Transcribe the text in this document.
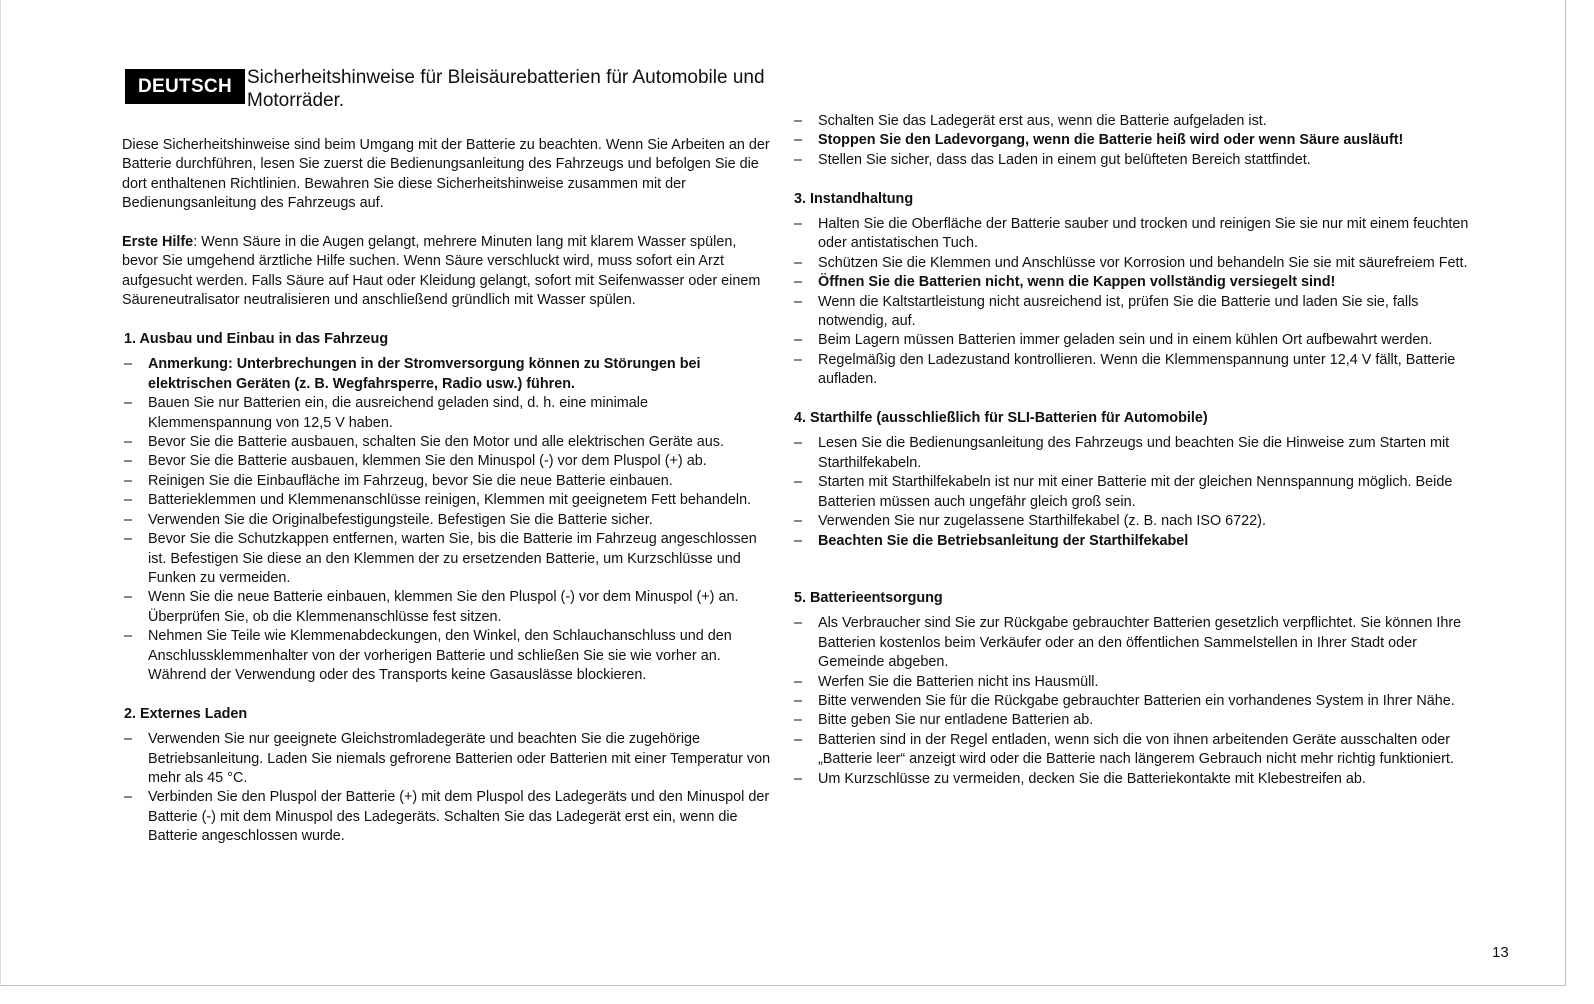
DEUTSCH Sicherheitshinweise für Bleisäurebatterien für Automobile und
Motorräder.

Diese Sicherheitshinweise sind beim Umgang mit der Batterie zu beachten. Wenn Sie Arbeiten an der Batterie durchführen, lesen Sie zuerst die Bedienungsanleitung des Fahrzeugs und befolgen Sie die dort enthaltenen Richtlinien. Bewahren Sie diese Sicherheitshinweise zusammen mit der Bedienungsanleitung des Fahrzeugs auf.

Erste Hilfe: Wenn Säure in die Augen gelangt, mehrere Minuten lang mit klarem Wasser spülen, bevor Sie umgehend ärztliche Hilfe suchen. Wenn Säure verschluckt wird, muss sofort ein Arzt aufgesucht werden. Falls Säure auf Haut oder Kleidung gelangt, sofort mit Seifenwasser oder einem Säureneutralisator neutralisieren und anschließend gründlich mit Wasser spülen.

1. Ausbau und Einbau in das Fahrzeug

– Anmerkung: Unterbrechungen in der Stromversorgung können zu Störungen bei elektrischen Geräten (z. B. Wegfahrsperre, Radio usw.) führen.
– Bauen Sie nur Batterien ein, die ausreichend geladen sind, d. h. eine minimale Klemmenspannung von 12,5 V haben.
– Bevor Sie die Batterie ausbauen, schalten Sie den Motor und alle elektrischen Geräte aus.
– Bevor Sie die Batterie ausbauen, klemmen Sie den Minuspol (-) vor dem Pluspol (+) ab.
– Reinigen Sie die Einbaufläche im Fahrzeug, bevor Sie die neue Batterie einbauen.
– Batterieklemmen und Klemmenanschlüsse reinigen, Klemmen mit geeignetem Fett behandeln.
– Verwenden Sie die Originalbefestigungsteile. Befestigen Sie die Batterie sicher.
– Bevor Sie die Schutzkappen entfernen, warten Sie, bis die Batterie im Fahrzeug angeschlossen ist. Befestigen Sie diese an den Klemmen der zu ersetzenden Batterie, um Kurzschlüsse und Funken zu vermeiden.
– Wenn Sie die neue Batterie einbauen, klemmen Sie den Pluspol (-) vor dem Minuspol (+) an. Überprüfen Sie, ob die Klemmenanschlüsse fest sitzen.
– Nehmen Sie Teile wie Klemmenabdeckungen, den Winkel, den Schlauchanschluss und den Anschlussklemmenhalter von der vorherigen Batterie und schließen Sie sie wie vorher an. Während der Verwendung oder des Transports keine Gasauslässe blockieren.

2. Externes Laden

– Verwenden Sie nur geeignete Gleichstromladegeräte und beachten Sie die zugehörige Betriebsanleitung. Laden Sie niemals gefrorene Batterien oder Batterien mit einer Temperatur von mehr als 45 °C.
– Verbinden Sie den Pluspol der Batterie (+) mit dem Pluspol des Ladegeräts und den Minuspol der Batterie (-) mit dem Minuspol des Ladegeräts. Schalten Sie das Ladegerät erst ein, wenn die Batterie angeschlossen wurde.
– Schalten Sie das Ladegerät erst aus, wenn die Batterie aufgeladen ist.
– Stoppen Sie den Ladevorgang, wenn die Batterie heiß wird oder wenn Säure ausläuft!
– Stellen Sie sicher, dass das Laden in einem gut belüfteten Bereich stattfindet.

3. Instandhaltung

– Halten Sie die Oberfläche der Batterie sauber und trocken und reinigen Sie sie nur mit einem feuchten oder antistatischen Tuch.
– Schützen Sie die Klemmen und Anschlüsse vor Korrosion und behandeln Sie sie mit säurefreiem Fett.
– Öffnen Sie die Batterien nicht, wenn die Kappen vollständig versiegelt sind!
– Wenn die Kaltstartleistung nicht ausreichend ist, prüfen Sie die Batterie und laden Sie sie, falls notwendig, auf.
– Beim Lagern müssen Batterien immer geladen sein und in einem kühlen Ort aufbewahrt werden.
– Regelmäßig den Ladezustand kontrollieren. Wenn die Klemmenspannung unter 12,4 V fällt, Batterie aufladen.

4. Starthilfe (ausschließlich für SLI-Batterien für Automobile)

– Lesen Sie die Bedienungsanleitung des Fahrzeugs und beachten Sie die Hinweise zum Starten mit Starthilfekabeln.
– Starten mit Starthilfekabeln ist nur mit einer Batterie mit der gleichen Nennspannung möglich. Beide Batterien müssen auch ungefähr gleich groß sein.
– Verwenden Sie nur zugelassene Starthilfekabel (z. B. nach ISO 6722).
– Beachten Sie die Betriebsanleitung der Starthilfekabel

5. Batterieentsorgung

– Als Verbraucher sind Sie zur Rückgabe gebrauchter Batterien gesetzlich verpflichtet. Sie können Ihre Batterien kostenlos beim Verkäufer oder an den öffentlichen Sammelstellen in Ihrer Stadt oder Gemeinde abgeben.
– Werfen Sie die Batterien nicht ins Hausmüll.
– Bitte verwenden Sie für die Rückgabe gebrauchter Batterien ein vorhandenes System in Ihrer Nähe.
– Bitte geben Sie nur entladene Batterien ab.
– Batterien sind in der Regel entladen, wenn sich die von ihnen arbeitenden Geräte ausschalten oder „Batterie leer“ anzeigt wird oder die Batterie nach längerem Gebrauch nicht mehr richtig funktioniert.
– Um Kurzschlüsse zu vermeiden, decken Sie die Batteriekontakte mit Klebestreifen ab.
13
